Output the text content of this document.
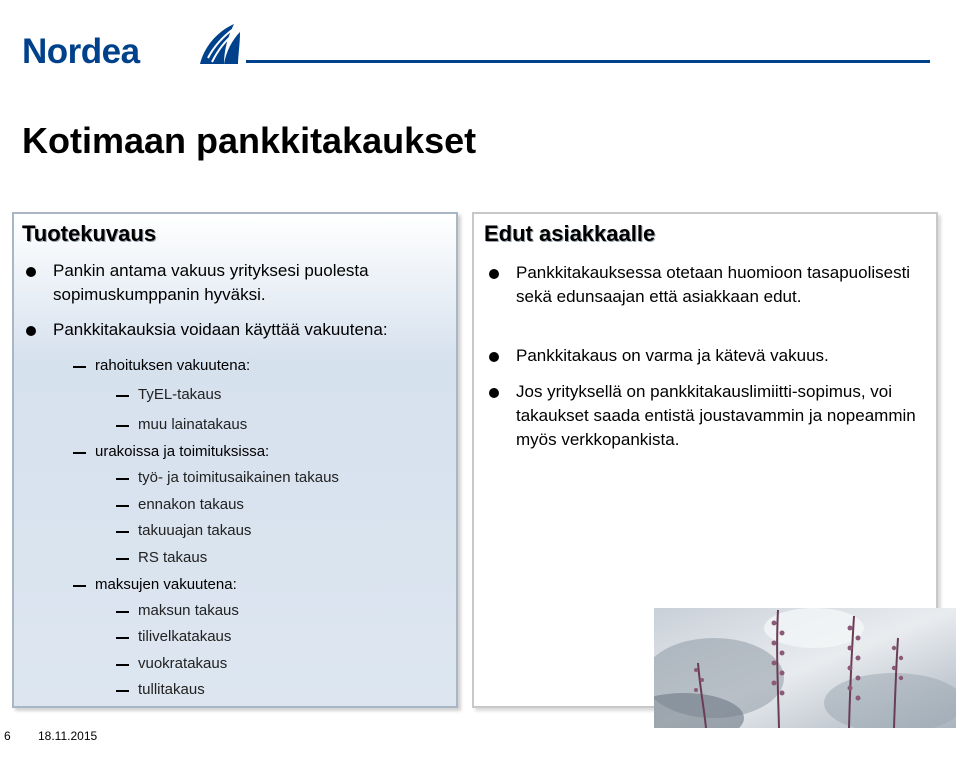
Nordea
Kotimaan pankkitakaukset
Tuotekuvaus
Pankin antama vakuus yrityksesi puolesta sopimuskumppanin hyväksi.
Pankkitakauksia voidaan käyttää vakuutena:
rahoituksen vakuutena:
TyEL-takaus
muu lainatakaus
urakoissa ja toimituksissa:
työ- ja toimitusaikainen takaus
ennakon takaus
takuuajan takaus
RS takaus
maksujen vakuutena:
maksun takaus
tilivelkatakaus
vuokratakaus
tullitakaus
Edut asiakkaalle
Pankkitakauksessa otetaan huomioon tasapuolisesti sekä edunsaajan että asiakkaan edut.
Pankkitakaus on varma ja kätevä vakuus.
Jos yrityksellä on pankkitakauslimiitti-sopimus, voi takaukset saada entistä joustavammin ja nopeammin myös verkkopankista.
6 18.11.2015
